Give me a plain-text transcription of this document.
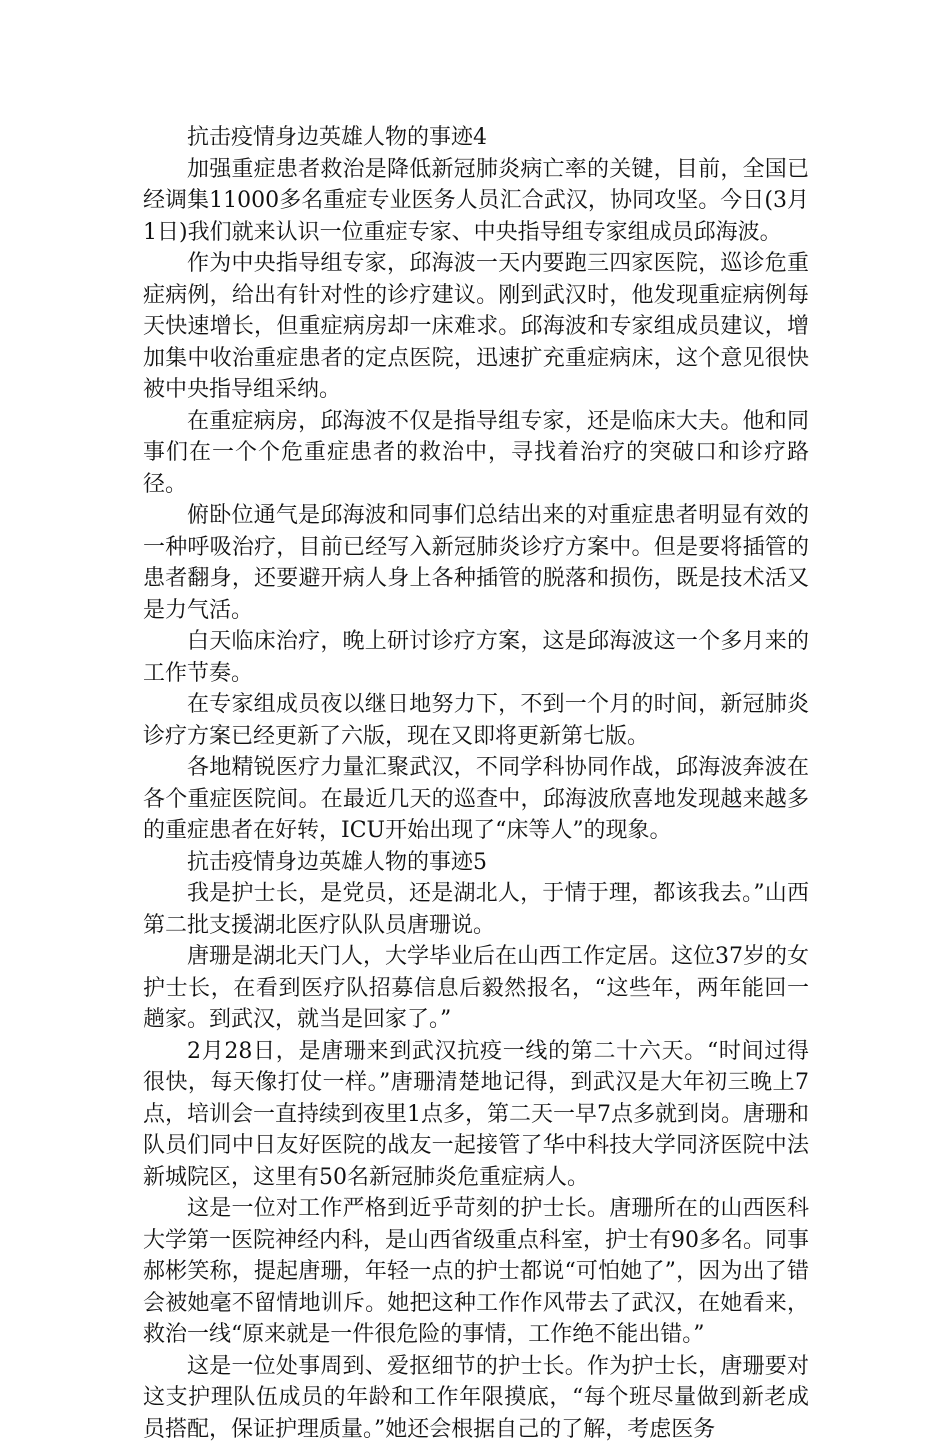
抗击疫情身边英雄人物的事迹4

加强重症患者救治是降低新冠肺炎病亡率的关键，目前，全国已经调集11000多名重症专业医务人员汇合武汉，协同攻坚。今日(3月1日)我们就来认识一位重症专家、中央指导组专家组成员邱海波。

作为中央指导组专家，邱海波一天内要跑三四家医院，巡诊危重症病例，给出有针对性的诊疗建议。刚到武汉时，他发现重症病例每天快速增长，但重症病房却一床难求。邱海波和专家组成员建议，增加集中收治重症患者的定点医院，迅速扩充重症病床，这个意见很快被中央指导组采纳。

在重症病房，邱海波不仅是指导组专家，还是临床大夫。他和同事们在一个个危重症患者的救治中，寻找着治疗的突破口和诊疗路径。

俯卧位通气是邱海波和同事们总结出来的对重症患者明显有效的一种呼吸治疗，目前已经写入新冠肺炎诊疗方案中。但是要将插管的患者翻身，还要避开病人身上各种插管的脱落和损伤，既是技术活又是力气活。

白天临床治疗，晚上研讨诊疗方案，这是邱海波这一个多月来的工作节奏。

在专家组成员夜以继日地努力下，不到一个月的时间，新冠肺炎诊疗方案已经更新了六版，现在又即将更新第七版。

各地精锐医疗力量汇聚武汉，不同学科协同作战，邱海波奔波在各个重症医院间。在最近几天的巡查中，邱海波欣喜地发现越来越多的重症患者在好转，ICU开始出现了“床等人”的现象。

抗击疫情身边英雄人物的事迹5

我是护士长，是党员，还是湖北人，于情于理，都该我去。”山西第二批支援湖北医疗队队员唐珊说。

唐珊是湖北天门人，大学毕业后在山西工作定居。这位37岁的女护士长，在看到医疗队招募信息后毅然报名，“这些年，两年能回一趟家。到武汉，就当是回家了。”

2月28日，是唐珊来到武汉抗疫一线的第二十六天。“时间过得很快，每天像打仗一样。”唐珊清楚地记得，到武汉是大年初三晚上7点，培训会一直持续到夜里1点多，第二天一早7点多就到岗。唐珊和队员们同中日友好医院的战友一起接管了华中科技大学同济医院中法新城院区，这里有50名新冠肺炎危重症病人。

这是一位对工作严格到近乎苛刻的护士长。唐珊所在的山西医科大学第一医院神经内科，是山西省级重点科室，护士有90多名。同事郝彬笑称，提起唐珊，年轻一点的护士都说“可怕她了”，因为出了错会被她毫不留情地训斥。她把这种工作作风带去了武汉，在她看来，救治一线“原来就是一件很危险的事情，工作绝不能出错。”

这是一位处事周到、爱抠细节的护士长。作为护士长，唐珊要对这支护理队伍成员的年龄和工作年限摸底，“每个班尽量做到新老成员搭配，保证护理质量。”她还会根据自己的了解，考虑医务
